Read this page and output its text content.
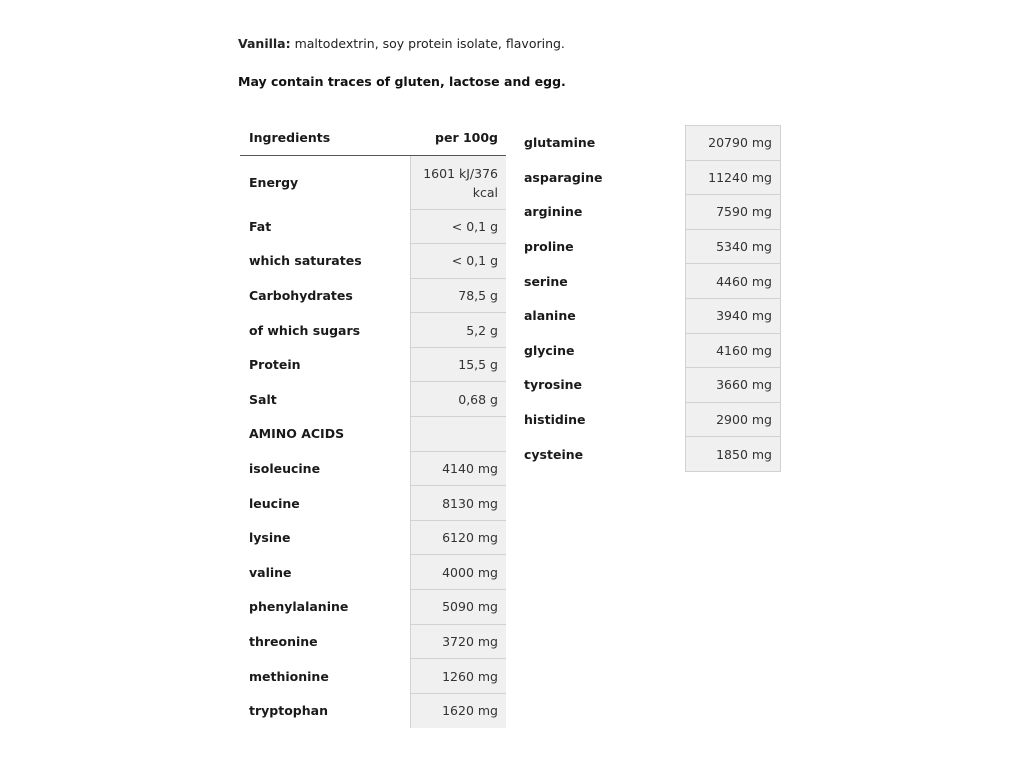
Vanilla: maltodextrin, soy protein isolate, flavoring.
May contain traces of gluten, lactose and egg.
Ingredients	per 100g
Energy	1601 kJ/376
kcal

Fat	< 0,1 g
which saturates	< 0,1 g
Carbohydrates	78,5 g
of which sugars	5,2 g
Protein	15,5 g
Salt	0,68 g
AMINO ACIDS	
isoleucine	4140 mg
leucine	8130 mg
lysine	6120 mg
valine	4000 mg
phenylalanine	5090 mg
threonine	3720 mg
methionine	1260 mg
tryptophan	1620 mg
glutamine	20790 mg
asparagine	11240 mg
arginine	7590 mg
proline	5340 mg
serine	4460 mg
alanine	3940 mg
glycine	4160 mg
tyrosine	3660 mg
histidine	2900 mg
cysteine	1850 mg
